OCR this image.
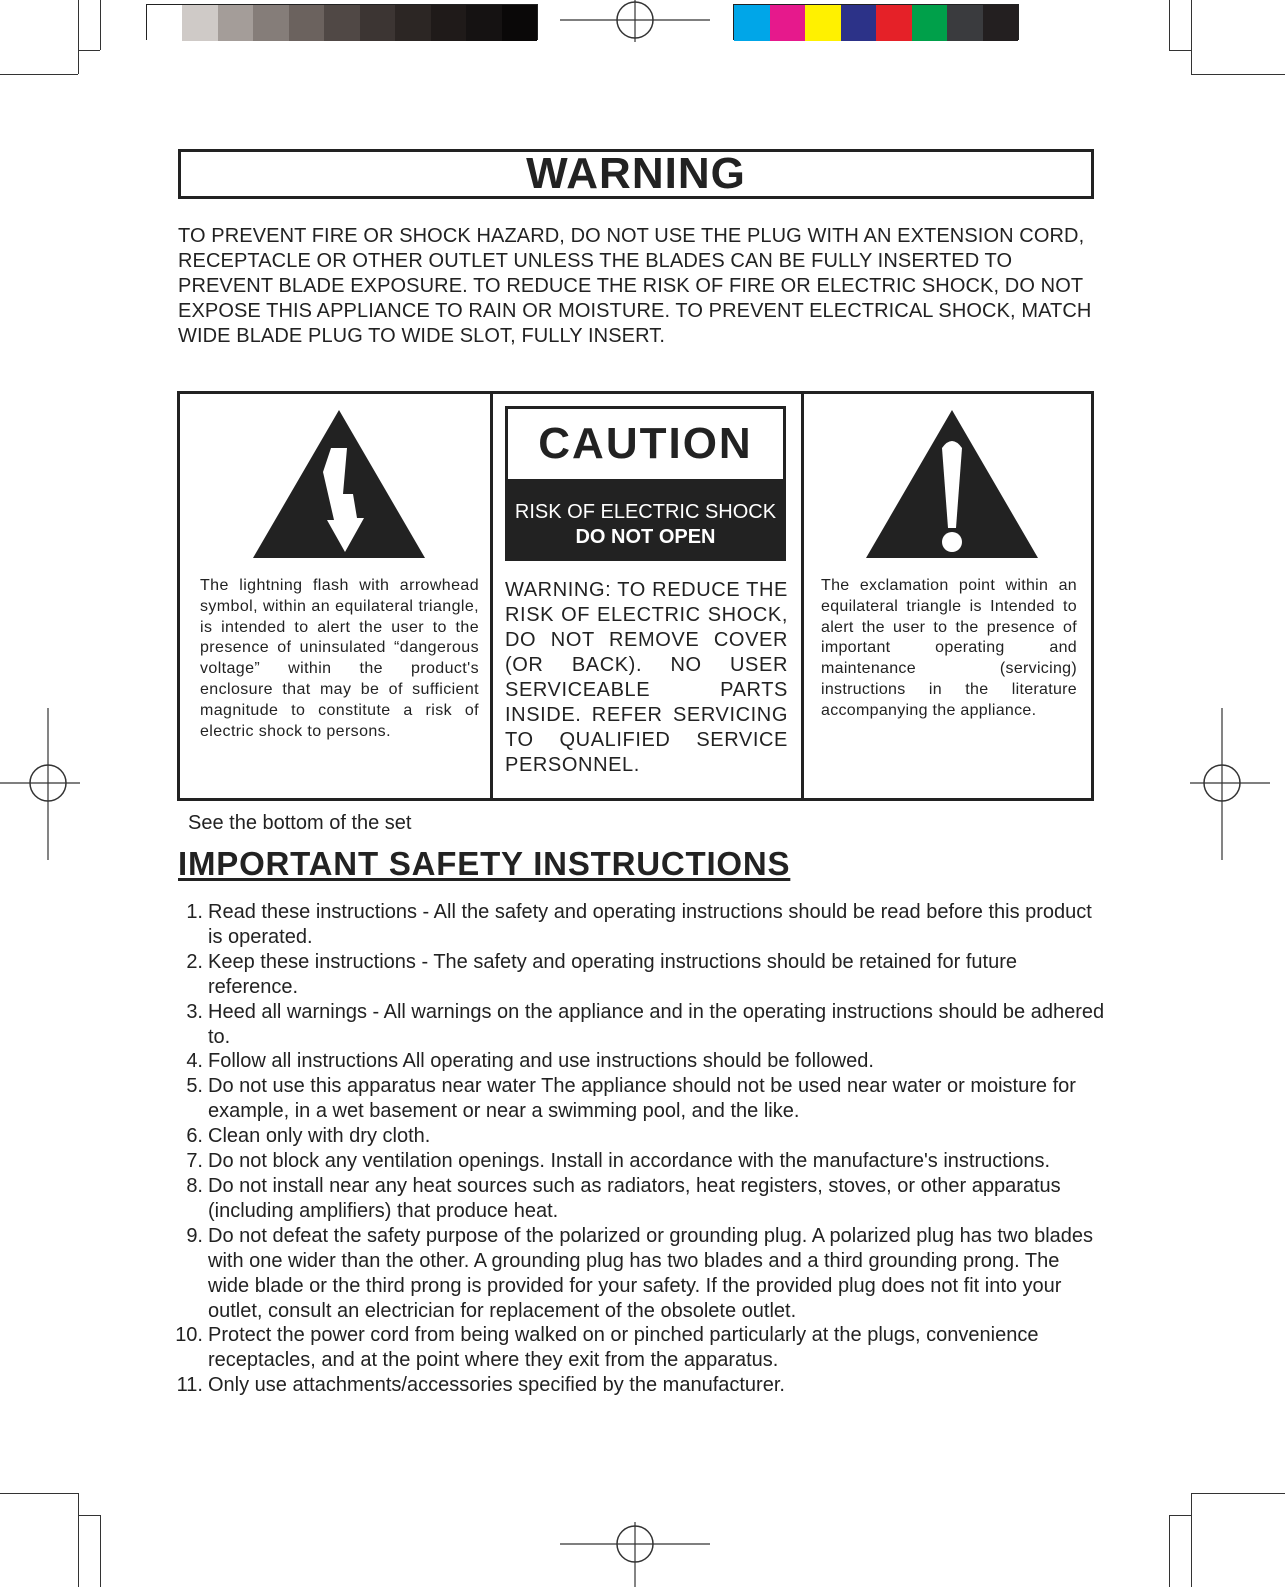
WARNING
TO PREVENT FIRE OR SHOCK HAZARD, DO NOT USE THE PLUG WITH AN EXTENSION CORD, RECEPTACLE OR OTHER OUTLET UNLESS THE BLADES CAN BE FULLY INSERTED TO PREVENT BLADE EXPOSURE. TO REDUCE THE RISK OF FIRE OR ELECTRIC SHOCK, DO NOT EXPOSE THIS APPLIANCE TO RAIN OR MOISTURE. TO PREVENT ELECTRICAL SHOCK, MATCH WIDE BLADE PLUG TO WIDE SLOT, FULLY INSERT.
The lightning flash with arrowhead symbol, within an equilateral triangle, is intended to alert the user to the presence of uninsulated “dangerous voltage” within the product's enclosure that may be of sufficient magnitude to constitute a risk of electric shock to persons.
CAUTION
RISK OF ELECTRIC SHOCK
DO NOT OPEN
WARNING: TO REDUCE THE RISK OF ELECTRIC SHOCK, DO NOT REMOVE COVER (OR BACK). NO USER SERVICEABLE PARTS INSIDE. REFER SERVICING TO QUALIFIED SERVICE PERSONNEL.
The exclamation point within an equilateral triangle is Intended to alert the user to the presence of important operating and maintenance (servicing) instructions in the literature accompanying the appliance.
See the bottom of the set
IMPORTANT SAFETY INSTRUCTIONS
1. Read these instructions - All the safety and operating instructions should be read before this product is operated.
2. Keep these instructions - The safety and operating instructions should be retained for future reference.
3. Heed all warnings - All warnings on the appliance and in the operating instructions should be adhered to.
4. Follow all instructions All operating and use instructions should be followed.
5. Do not use this apparatus near water The appliance should not be used near water or moisture for example, in a wet basement or near a swimming pool, and the like.
6. Clean only with dry cloth.
7. Do not block any ventilation openings. Install in accordance with the manufacture's instructions.
8. Do not install near any heat sources such as radiators, heat registers, stoves, or other apparatus (including amplifiers) that produce heat.
9. Do not defeat the safety purpose of the polarized or grounding plug. A polarized plug has two blades with one wider than the other. A grounding plug has two blades and a third grounding prong. The wide blade or the third prong is provided for your safety. If the provided plug does not fit into your outlet, consult an electrician for replacement of the obsolete outlet.
10. Protect the power cord from being walked on or pinched particularly at the plugs, convenience receptacles, and at the point where they exit from the apparatus.
11. Only use attachments/accessories specified by the manufacturer.
